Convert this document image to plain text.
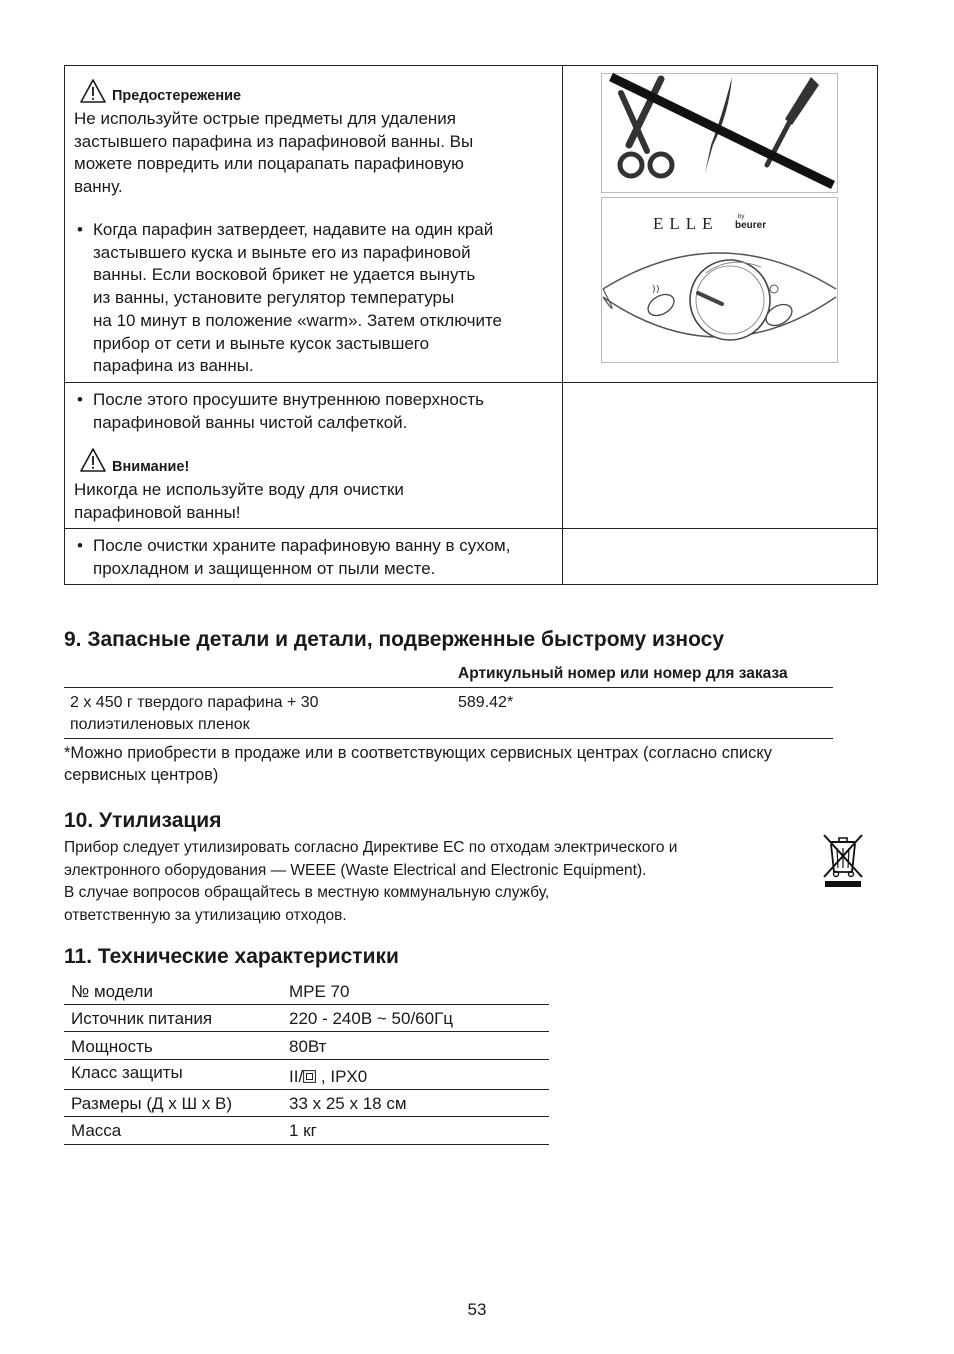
Предостережение
Не используйте острые предметы для удаления
застывшего парафина из парафиновой ванны. Вы
можете повредить или поцарапать парафиновую
ванну.
• Когда парафин затвердеет, надавите на один край
застывшего куска и выньте его из парафиновой
ванны. Если восковой брикет не удается вынуть
из ванны, установите регулятор температуры
на 10 минут в положение «warm». Затем отключите
прибор от сети и выньте кусок застывшего
парафина из ванны.
ELLE	by
beurer
• После этого просушите внутреннюю поверхность
парафиновой ванны чистой салфеткой.
Внимание!
Никогда не используйте воду для очистки
парафиновой ванны!
• После очистки храните парафиновую ванну в сухом,
прохладном и защищенном от пыли месте.
9. Запасные детали и детали, подверженные быстрому износу
Артикульный номер или номер для заказа
2 x 450 г твердого парафина + 30
полиэтиленовых пленок
589.42*
*Можно приобрести в продаже или в соответствующих сервисных центрах (согласно списку
сервисных центров)
10. Утилизация
Прибор следует утилизировать согласно Директиве ЕС по отходам электрического и
электронного оборудования — WEEE (Waste Electrical and Electronic Equipment).
В случае вопросов обращайтесь в местную коммунальную службу,
ответственную за утилизацию отходов.
11. Технические характеристики
№ модели	MPE 70
Источник питания	220 - 240В ~ 50/60Гц
Мощность	80Вт
Класс защиты	II/ , IPX0
Размеры (Д х Ш х В)	33 x 25 x 18 см
Масса	1 кг
53
